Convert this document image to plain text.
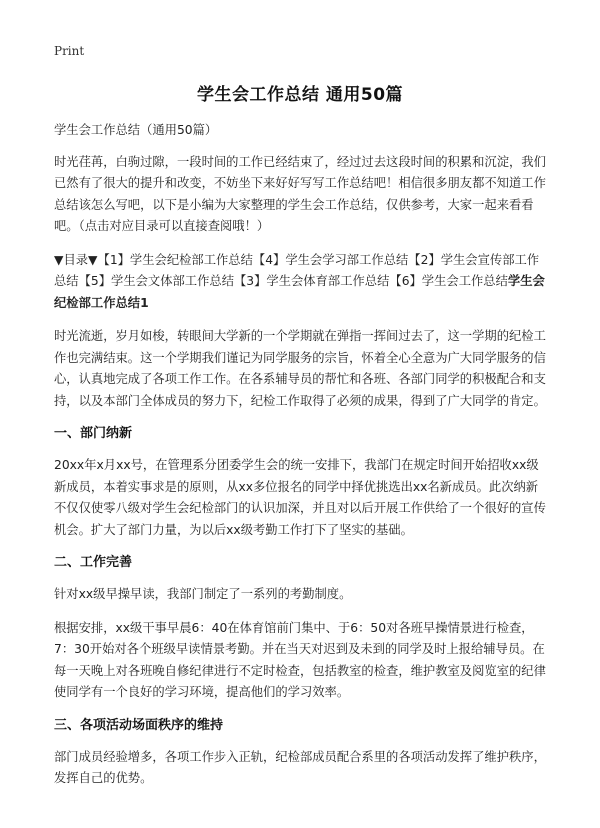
Print
学生会工作总结 通用50篇

学生会工作总结（通用50篇）

时光荏苒，白驹过隙，一段时间的工作已经结束了，经过过去这段时间的积累和沉淀，我们已然有了很大的提升和改变，不妨坐下来好好写写工作总结吧！相信很多朋友都不知道工作总结该怎么写吧，以下是小编为大家整理的学生会工作总结，仅供参考，大家一起来看看吧。（点击对应目录可以直接查阅哦！）

▼目录▼【1】学生会纪检部工作总结【4】学生会学习部工作总结【2】学生会宣传部工作总结【5】学生会文体部工作总结【3】学生会体育部工作总结【6】学生会工作总结学生会纪检部工作总结1

时光流逝，岁月如梭，转眼间大学新的一个学期就在弹指一挥间过去了，这一学期的纪检工作也完满结束。这一个学期我们谨记为同学服务的宗旨，怀着全心全意为广大同学服务的信心，认真地完成了各项工作工作。在各系辅导员的帮忙和各班、各部门同学的积极配合和支持，以及本部门全体成员的努力下，纪检工作取得了必须的成果，得到了广大同学的肯定。

一、部门纳新

20xx年x月xx号，在管理系分团委学生会的统一安排下，我部门在规定时间开始招收xx级新成员，本着实事求是的原则，从xx多位报名的同学中择优挑选出xx名新成员。此次纳新不仅仅使零八级对学生会纪检部门的认识加深，并且对以后开展工作供给了一个很好的宣传机会。扩大了部门力量，为以后xx级考勤工作打下了坚实的基础。

二、工作完善

针对xx级早操早读，我部门制定了一系列的考勤制度。

根据安排，xx级干事早晨6：40在体育馆前门集中、于6：50对各班早操情景进行检查，7：30开始对各个班级早读情景考勤。并在当天对迟到及未到的同学及时上报给辅导员。在每一天晚上对各班晚自修纪律进行不定时检查，包括教室的检查，维护教室及阅览室的纪律使同学有一个良好的学习环境，提高他们的学习效率。

三、各项活动场面秩序的维持

部门成员经验增多，各项工作步入正轨，纪检部成员配合系里的各项活动发挥了维护秩序，发挥自己的优势。
